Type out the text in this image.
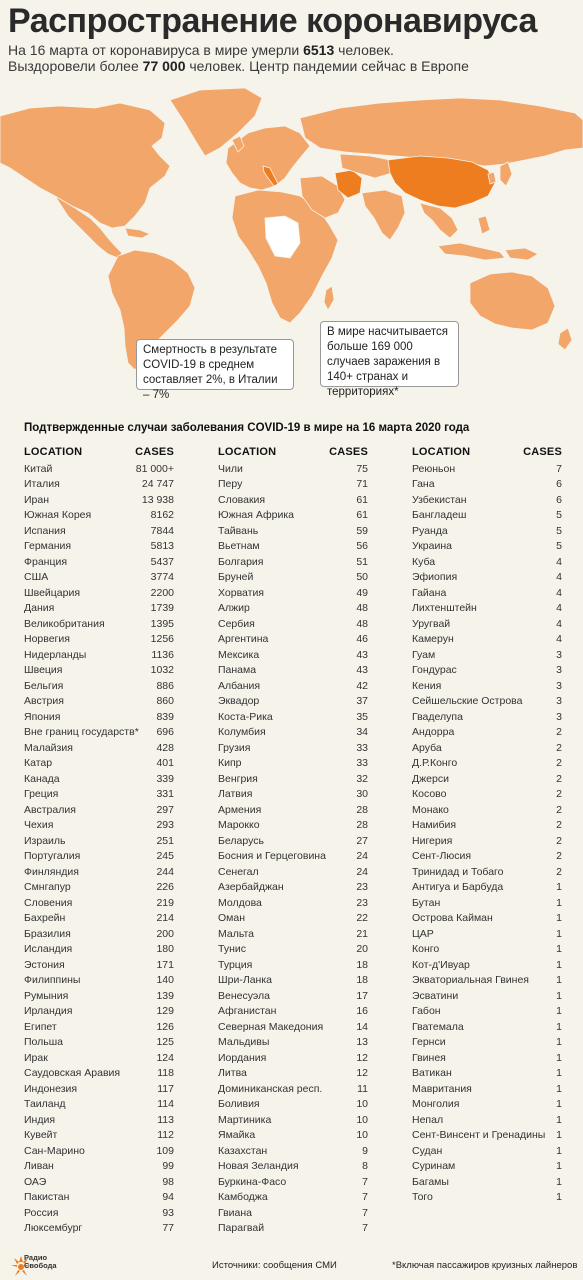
Распространение коронавируса
На 16 марта от коронавируса в мире умерли 6513 человек.
Выздоровели более 77 000 человек. Центр пандемии сейчас в Европе
Смертность в результате COVID-19 в среднем составляет 2%, в Италии – 7%
В мире насчитывается больше 169 000 случаев заражения в 140+ странах и территориях*
Подтвержденные случаи заболевания COVID-19 в мире на 16 марта 2020 года
LOCATION	CASES
Китай	81 000+
Италия	24 747
Иран	13 938
Южная Корея	8162
Испания	7844
Германия	5813
Франция	5437
США	3774
Швейцария	2200
Дания	1739
Великобритания	1395
Норвегия	1256
Нидерланды	1136
Швеция	1032
Бельгия	886
Австрия	860
Япония	839
Вне границ государств* 696
Малайзия	428
Катар	401
Канада	339
Греция	331
Австралия	297
Чехия	293
Израиль	251
Португалия	245
Финляндия	244
Смнгапур	226
Словения	219
Бахрейн	214
Бразилия	200
Исландия	180
Эстония	171
Филиппины	140
Румыния	139
Ирландия	129
Египет	126
Польша	125
Ирак	124
Саудовская Аравия	118
Индонезия	117
Таиланд	114
Индия	113
Кувейт	112
Сан-Марино	109
Ливан	99
ОАЭ	98
Пакистан	94
Россия	93
Люксембург	77
LOCATION	CASES
Чили	75
Перу	71
Словакия	61
Южная Африка	61
Тайвань	59
Вьетнам	56
Болгария	51
Бруней	50
Хорватия	49
Алжир	48
Сербия	48
Аргентина	46
Мексика	43
Панама	43
Албания	42
Эквадор	37
Коста-Рика	35
Колумбия	34
Грузия	33
Кипр	33
Венгрия	32
Латвия	30
Армения	28
Марокко	28
Беларусь	27
Босния и Герцеговина	24
Сенегал	24
Азербайджан	23
Молдова	23
Оман	22
Мальта	21
Тунис	20
Турция	18
Шри-Ланка	18
Венесуэла	17
Афганистан	16
Северная Македония	14
Мальдивы	13
Иордания	12
Литва	12
Доминиканская респ.	11
Боливия	10
Мартиника	10
Ямайка	10
Казахстан	9
Новая Зеландия	8
Буркина-Фасо	7
Камбоджа	7
Гвиана	7
Парагвай	7
LOCATION	CASES
Реюньон	7
Гана	6
Узбекистан	6
Бангладеш	5
Руанда	5
Украина	5
Куба	4
Эфиопия	4
Гайана	4
Лихтенштейн	4
Уругвай	4
Камерун	4
Гуам	3
Гондурас	3
Кения	3
Сейшельские Острова	3
Гваделупа	3
Андорра	2
Аруба	2
Д.Р.Конго	2
Джерси	2
Косово	2
Монако	2
Намибия	2
Нигерия	2
Сент-Люсия	2
Тринидад и Тобаго	2
Антигуа и Барбуда	1
Бутан	1
Острова Кайман	1
ЦАР	1
Конго	1
Кот-д'Ивуар	1
Экваториальная Гвинея	1
Эсватини	1
Габон	1
Гватемала	1
Гернси	1
Гвинея	1
Ватикан	1
Мавритания	1
Монголия	1
Непал	1
Сент-Винсент и Гренадины 1
Судан	1
Суринам	1
Багамы	1
Того	1
Радио
Свобода	Источники: сообщения СМИ	*Включая пассажиров круизных лайнеров
